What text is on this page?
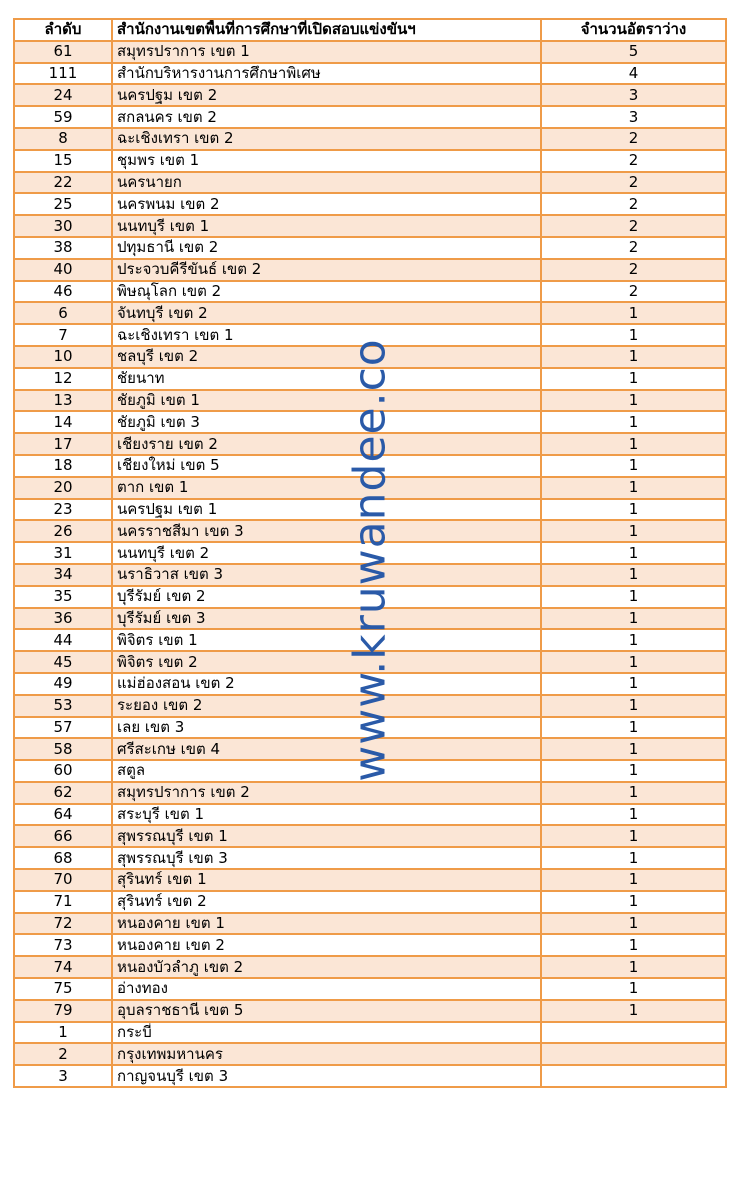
ลำดับ	สำนักงานเขตพื้นที่การศึกษาที่เปิดสอบแข่งขันฯ	จำนวนอัตราว่าง
61	สมุทรปราการ เขต 1	5
111	สำนักบริหารงานการศึกษาพิเศษ	4
24	นครปฐม เขต 2	3
59	สกลนคร เขต 2	3
8	ฉะเชิงเทรา เขต 2	2
15	ชุมพร เขต 1	2
22	นครนายก	2
25	นครพนม เขต 2	2
30	นนทบุรี เขต 1	2
38	ปทุมธานี เขต 2	2
40	ประจวบคีรีขันธ์ เขต 2	2
46	พิษณุโลก เขต 2	2
6	จันทบุรี เขต 2	1
7	ฉะเชิงเทรา เขต 1	1
10	ชลบุรี เขต 2	1
12	ชัยนาท	1
13	ชัยภูมิ เขต 1	1
14	ชัยภูมิ เขต 3	1
17	เชียงราย เขต 2	1
18	เชียงใหม่ เขต 5	1
20	ตาก เขต 1	1
23	นครปฐม เขต 1	1
26	นครราชสีมา เขต 3	1
31	นนทบุรี เขต 2	1
34	นราธิวาส เขต 3	1
35	บุรีรัมย์ เขต 2	1
36	บุรีรัมย์ เขต 3	1
44	พิจิตร เขต 1	1
45	พิจิตร เขต 2	1
49	แม่ฮ่องสอน เขต 2	1
53	ระยอง เขต 2	1
57	เลย เขต 3	1
58	ศรีสะเกษ เขต 4	1
60	สตูล	1
62	สมุทรปราการ เขต 2	1
64	สระบุรี เขต 1	1
66	สุพรรณบุรี เขต 1	1
68	สุพรรณบุรี เขต 3	1
70	สุรินทร์ เขต 1	1
71	สุรินทร์ เขต 2	1
72	หนองคาย เขต 1	1
73	หนองคาย เขต 2	1
74	หนองบัวลำภู เขต 2	1
75	อ่างทอง	1
79	อุบลราชธานี เขต 5	1
1	กระบี่	
2	กรุงเทพมหานคร	
3	กาญจนบุรี เขต 3	
www.kruwandee.co
